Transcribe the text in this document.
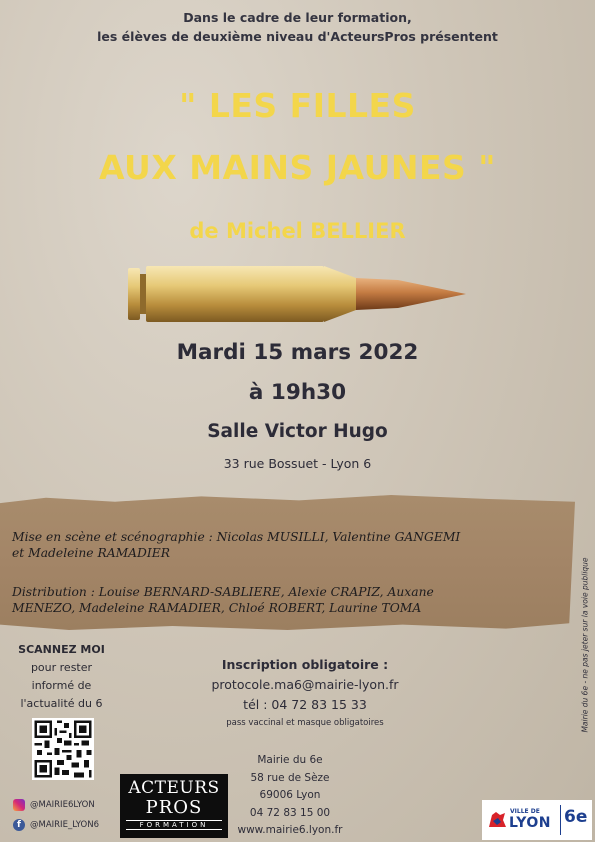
Dans le cadre de leur formation,
les élèves de deuxième niveau d'ActeursPros présentent
" LES FILLES
AUX MAINS JAUNES "
de Michel BELLIER
Mardi 15 mars 2022
à 19h30
Salle Victor Hugo
33 rue Bossuet - Lyon 6
Mise en scène et scénographie : Nicolas MUSILLI, Valentine GANGEMI
et Madeleine RAMADIER
Distribution : Louise BERNARD-SABLIERE, Alexie CRAPIZ, Auxane
MENEZO, Madeleine RAMADIER, Chloé ROBERT, Laurine TOMA	Mairie du 6e - ne pas jeter sur la voie publique
SCANNEZ MOI
pour rester
informé de
l'actualité du 6
Inscription obligatoire :
protocole.ma6@mairie-lyon.fr
tél : 04 72 83 15 33
pass vaccinal et masque obligatoires
Mairie du 6e
58 rue de Sèze
69006 Lyon
04 72 83 15 00
www.mairie6.lyon.fr
@MAIRIE6LYON
f	@MAIRIE_LYON6
ACTEURS
PROS
FORMATION
VILLE DE
LYON 6e
